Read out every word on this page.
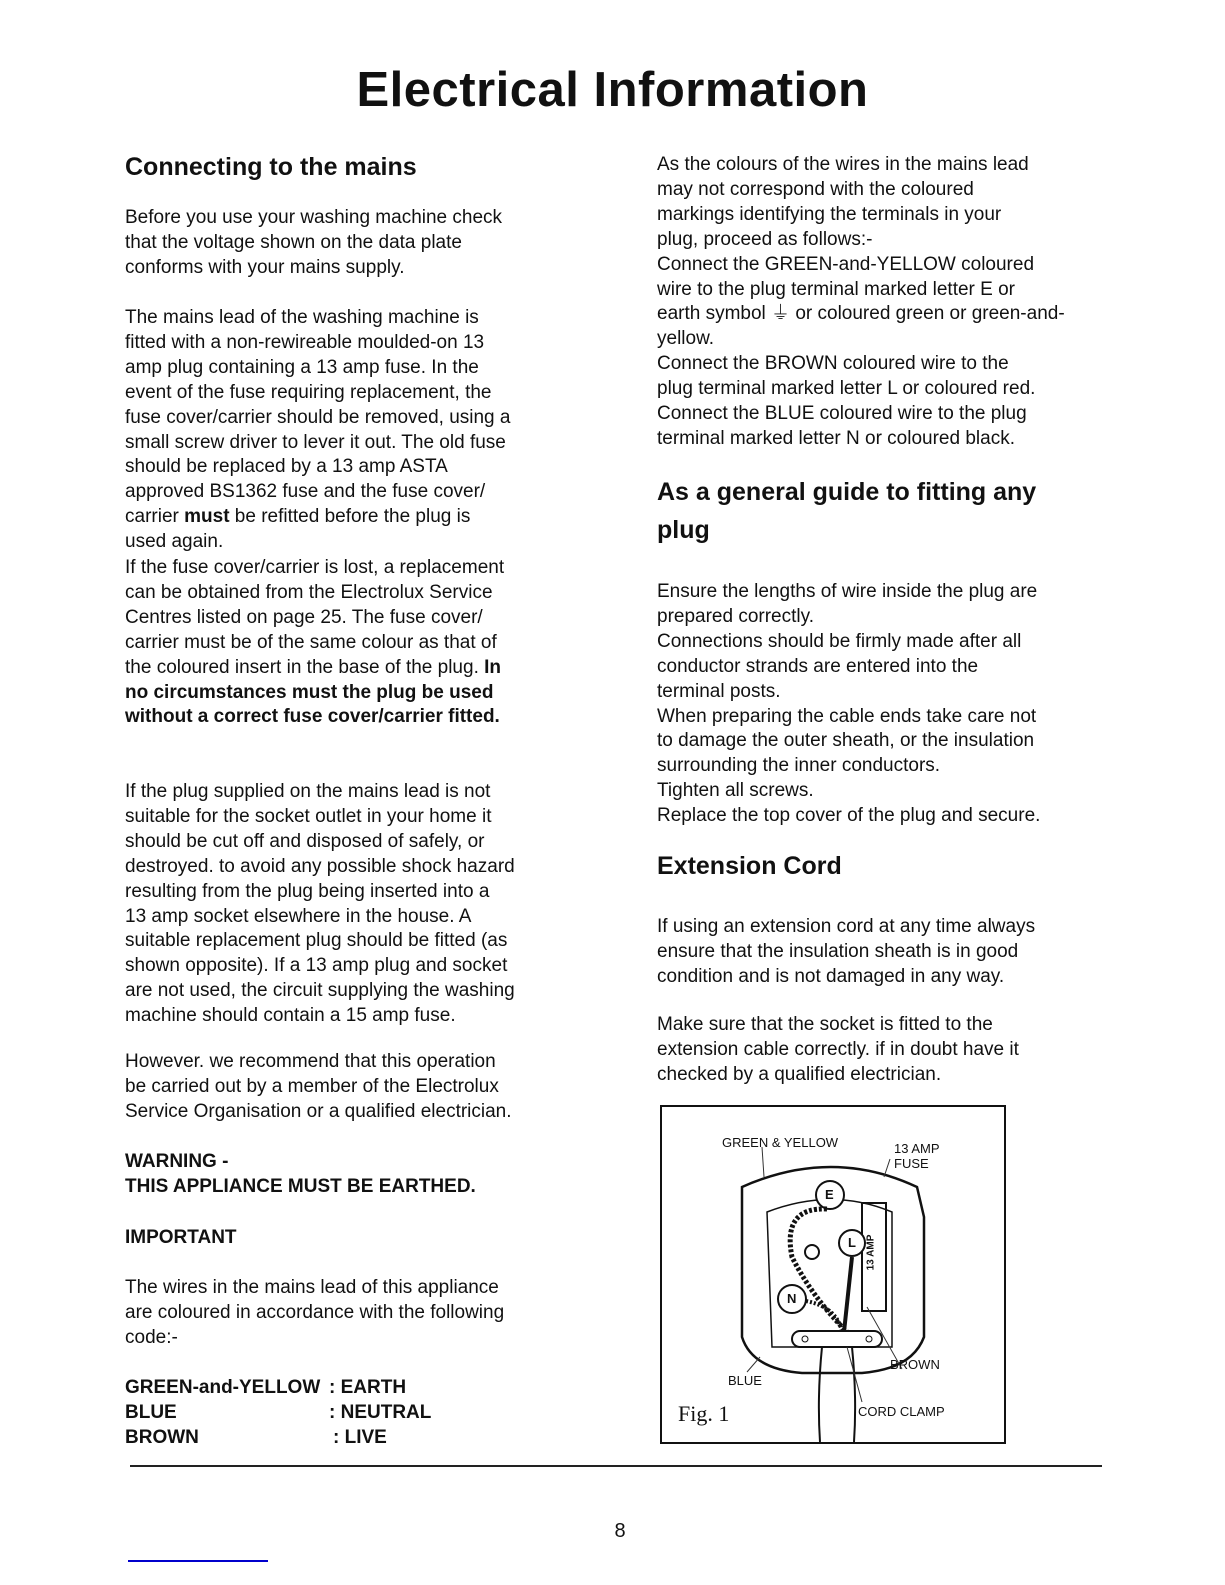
Electrical Information
Connecting to the mains
Before you use your washing machine check
that the voltage shown on the data plate
conforms with your mains supply.
The mains lead of the washing machine is
fitted with a non-rewireable moulded-on 13
amp plug containing a 13 amp fuse. In the
event of the fuse requiring replacement, the
fuse cover/carrier should be removed, using a
small screw driver to lever it out. The old fuse
should be replaced by a 13 amp ASTA
approved BS1362 fuse and the fuse cover/
carrier must be refitted before the plug is
used again.
If the fuse cover/carrier is lost, a replacement
can be obtained from the Electrolux Service
Centres listed on page 25. The fuse cover/
carrier must be of the same colour as that of
the coloured insert in the base of the plug. In
no circumstances must the plug be used
without a correct fuse cover/carrier fitted.
If the plug supplied on the mains lead is not
suitable for the socket outlet in your home it
should be cut off and disposed of safely, or
destroyed. to avoid any possible shock hazard
resulting from the plug being inserted into a
13 amp socket elsewhere in the house. A
suitable replacement plug should be fitted (as
shown opposite). If a 13 amp plug and socket
are not used, the circuit supplying the washing
machine should contain a 15 amp fuse.
However. we recommend that this operation
be carried out by a member of the Electrolux
Service Organisation or a qualified electrician.
WARNING -
THIS APPLIANCE MUST BE EARTHED.
IMPORTANT
The wires in the mains lead of this appliance
are coloured in accordance with the following
code:-
GREEN-and-YELLOW : EARTH
BLUE	: NEUTRAL
BROWN	: LIVE
As the colours of the wires in the mains lead
may not correspond with the coloured
markings identifying the terminals in your
plug, proceed as follows:-
Connect the GREEN-and-YELLOW coloured
wire to the plug terminal marked letter E or
earth symbol ⏚ or coloured green or green-and-
yellow.
Connect the BROWN coloured wire to the
plug terminal marked letter L or coloured red.
Connect the BLUE coloured wire to the plug
terminal marked letter N or coloured black.
As a general guide to fitting any
plug
Ensure the lengths of wire inside the plug are
prepared correctly.
Connections should be firmly made after all
conductor strands are entered into the
terminal posts.
When preparing the cable ends take care not
to damage the outer sheath, or the insulation
surrounding the inner conductors.
Tighten all screws.
Replace the top cover of the plug and secure.
Extension Cord
If using an extension cord at any time always
ensure that the insulation sheath is in good
condition and is not damaged in any way.
Make sure that the socket is fitted to the
extension cable correctly. if in doubt have it
checked by a qualified electrician.
GREEN & YELLOW	13 AMP
FUSE
E
L
N
13 AMP
BLUE
BROWN
CORD CLAMP
Fig. 1
8
